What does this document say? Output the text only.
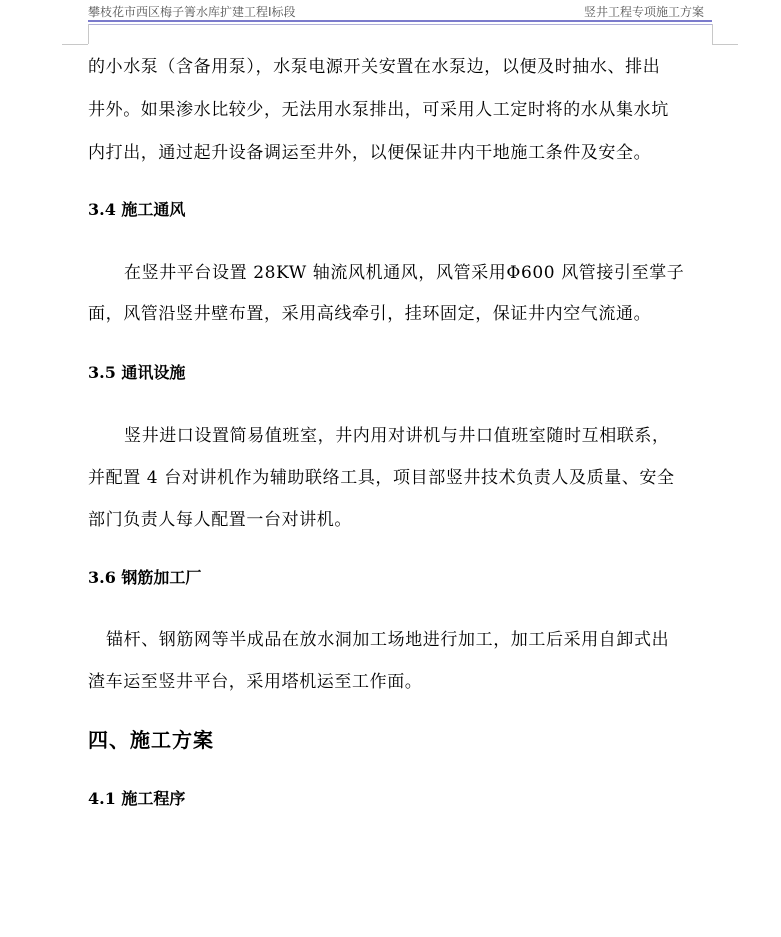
攀枝花市西区梅子箐水库扩建工程Ⅰ标段	竖井工程专项施工方案
的小水泵（含备用泵），水泵电源开关安置在水泵边，以便及时抽水、排出
井外。如果渗水比较少，无法用水泵排出，可采用人工定时将的水从集水坑
内打出，通过起升设备调运至井外，以便保证井内干地施工条件及安全。
3.4 施工通风
在竖井平台设置 28KW 轴流风机通风，风管采用Φ600 风管接引至掌子
面，风管沿竖井壁布置，采用高线牵引，挂环固定，保证井内空气流通。
3.5 通讯设施
竖井进口设置简易值班室，井内用对讲机与井口值班室随时互相联系，
并配置 4 台对讲机作为辅助联络工具，项目部竖井技术负责人及质量、安全
部门负责人每人配置一台对讲机。
3.6 钢筋加工厂
锚杆、钢筋网等半成品在放水洞加工场地进行加工，加工后采用自卸式出
渣车运至竖井平台，采用塔机运至工作面。
四、施工方案
4.1 施工程序
